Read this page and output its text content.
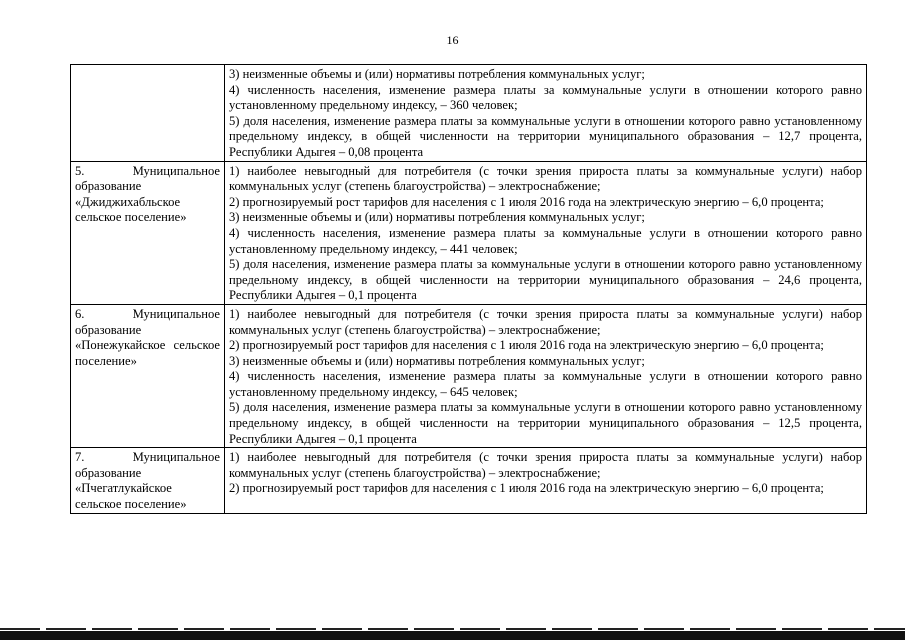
16

	3) неизменные объемы и (или) нормативы потребления коммунальных услуг;

4) численность населения, изменение размера платы за коммунальные услуги в отношении которого равно установленному предельному индексу, – 360 человек;

5) доля населения, изменение размера платы за коммунальные услуги в отношении которого равно установленному предельному индексу, в общей численности на территории муниципального образования – 12,7 процента, Республики Адыгея – 0,08 процента

5. Муниципальное образование «Джиджихабльское сельское поселение»	1) наиболее невыгодный для потребителя (с точки зрения прироста платы за коммунальные услуги) набор коммунальных услуг (степень благоустройства) – электроснабжение;

2) прогнозируемый рост тарифов для населения с 1 июля 2016 года на электрическую энергию – 6,0 процента;

3) неизменные объемы и (или) нормативы потребления коммунальных услуг;

4) численность населения, изменение размера платы за коммунальные услуги в отношении которого равно установленному предельному индексу, – 441 человек;

5) доля населения, изменение размера платы за коммунальные услуги в отношении которого равно установленному предельному индексу, в общей численности на территории муниципального образования – 24,6 процента, Республики Адыгея – 0,1 процента

6. Муниципальное образование «Понежукайское сельское поселение»	1) наиболее невыгодный для потребителя (с точки зрения прироста платы за коммунальные услуги) набор коммунальных услуг (степень благоустройства) – электроснабжение;

2) прогнозируемый рост тарифов для населения с 1 июля 2016 года на электрическую энергию – 6,0 процента;

3) неизменные объемы и (или) нормативы потребления коммунальных услуг;

4) численность населения, изменение размера платы за коммунальные услуги в отношении которого равно установленному предельному индексу, – 645 человек;

5) доля населения, изменение размера платы за коммунальные услуги в отношении которого равно установленному предельному индексу, в общей численности на территории муниципального образования – 12,5 процента, Республики Адыгея – 0,1 процента

7. Муниципальное образование «Пчегатлукайское сельское поселение»	1) наиболее невыгодный для потребителя (с точки зрения прироста платы за коммунальные услуги) набор коммунальных услуг (степень благоустройства) – электроснабжение;

2) прогнозируемый рост тарифов для населения с 1 июля 2016 года на электрическую энергию – 6,0 процента;
